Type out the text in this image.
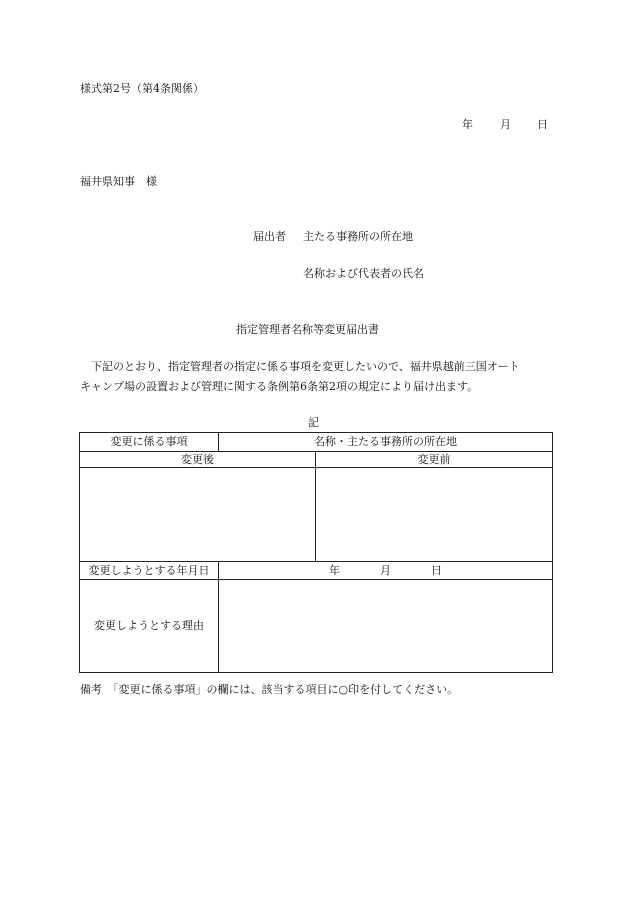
様式第2号（第4条関係）
年 月 日
福井県知事　様
届出者 主たる事務所の所在地
名称および代表者の氏名
指定管理者名称等変更届出書

　下記のとおり、指定管理者の指定に係る事項を変更したいので、福井県越前三国オート

キャンプ場の設置および管理に関する条例第6条第2項の規定により届け出ます。

記
変更に係る事項	名称・主たる事務所の所在地	
変更後		変更前

変更しようとする年月日	年 月 日	
変更しようとする理由		
備考　「変更に係る事項」の欄には、該当する項目に○印を付してください。
